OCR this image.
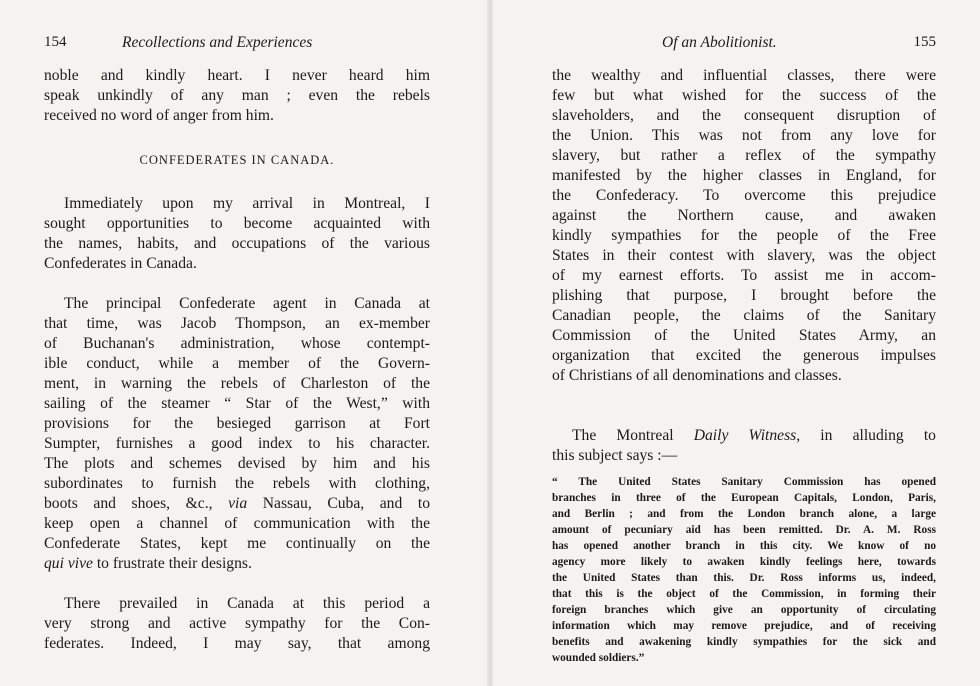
154	Recollections and Experiences
noble and kindly heart. I never heard him
speak unkindly of any man ; even the rebels
received no word of anger from him.
CONFEDERATES IN CANADA.
Immediately upon my arrival in Montreal, I
sought opportunities to become acquainted with
the names, habits, and occupations of the various
Confederates in Canada.
The principal Confederate agent in Canada at
that time, was Jacob Thompson, an ex-member
of Buchanan's administration, whose contempt-
ible conduct, while a member of the Govern-
ment, in warning the rebels of Charleston of the
sailing of the steamer “ Star of the West,” with
provisions for the besieged garrison at Fort
Sumpter, furnishes a good index to his character.
The plots and schemes devised by him and his
subordinates to furnish the rebels with clothing,
boots and shoes, &c., via Nassau, Cuba, and to
keep open a channel of communication with the
Confederate States, kept me continually on the
qui vive to frustrate their designs.
There prevailed in Canada at this period a
very strong and active sympathy for the Con-
federates. Indeed, I may say, that among
Of an Abolitionist.	155
the wealthy and influential classes, there were
few but what wished for the success of the
slaveholders, and the consequent disruption of
the Union. This was not from any love for
slavery, but rather a reflex of the sympathy
manifested by the higher classes in England, for
the Confederacy. To overcome this prejudice
against the Northern cause, and awaken
kindly sympathies for the people of the Free
States in their contest with slavery, was the object
of my earnest efforts. To assist me in accom-
plishing that purpose, I brought before the
Canadian people, the claims of the Sanitary
Commission of the United States Army, an
organization that excited the generous impulses
of Christians of all denominations and classes.
The Montreal Daily Witness, in alluding to
this subject says :—
“ The United States Sanitary Commission has opened
branches in three of the European Capitals, London, Paris,
and Berlin ; and from the London branch alone, a large
amount of pecuniary aid has been remitted. Dr. A. M. Ross
has opened another branch in this city. We know of no
agency more likely to awaken kindly feelings here, towards
the United States than this. Dr. Ross informs us, indeed,
that this is the object of the Commission, in forming their
foreign branches which give an opportunity of circulating
information which may remove prejudice, and of receiving
benefits and awakening kindly sympathies for the sick and
wounded soldiers.”
